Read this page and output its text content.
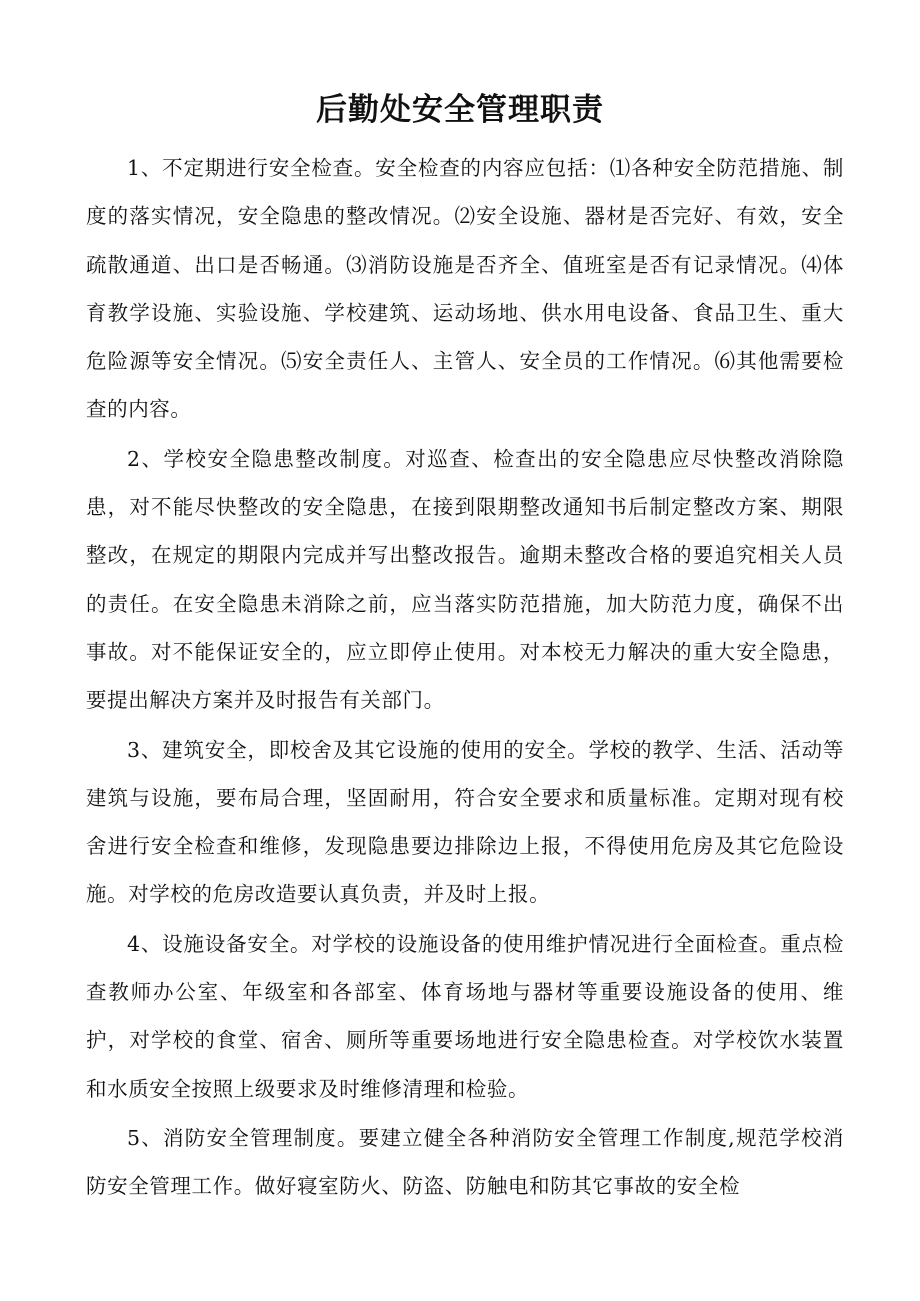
后勤处安全管理职责

1、不定期进行安全检查。安全检查的内容应包括：⑴各种安全防范措施、制度的落实情况，安全隐患的整改情况。⑵安全设施、器材是否完好、有效，安全疏散通道、出口是否畅通。⑶消防设施是否齐全、值班室是否有记录情况。⑷体育教学设施、实验设施、学校建筑、运动场地、供水用电设备、食品卫生、重大危险源等安全情况。⑸安全责任人、主管人、安全员的工作情况。⑹其他需要检查的内容。

2、学校安全隐患整改制度。对巡查、检查出的安全隐患应尽快整改消除隐患，对不能尽快整改的安全隐患，在接到限期整改通知书后制定整改方案、期限整改，在规定的期限内完成并写出整改报告。逾期未整改合格的要追究相关人员的责任。在安全隐患未消除之前，应当落实防范措施，加大防范力度，确保不出事故。对不能保证安全的，应立即停止使用。对本校无力解决的重大安全隐患，要提出解决方案并及时报告有关部门。

3、建筑安全，即校舍及其它设施的使用的安全。学校的教学、生活、活动等建筑与设施，要布局合理，坚固耐用，符合安全要求和质量标准。定期对现有校舍进行安全检查和维修，发现隐患要边排除边上报，不得使用危房及其它危险设施。对学校的危房改造要认真负责，并及时上报。

4、设施设备安全。对学校的设施设备的使用维护情况进行全面检查。重点检查教师办公室、年级室和各部室、体育场地与器材等重要设施设备的使用、维护，对学校的食堂、宿舍、厕所等重要场地进行安全隐患检查。对学校饮水装置和水质安全按照上级要求及时维修清理和检验。

5、消防安全管理制度。要建立健全各种消防安全管理工作制度,规范学校消防安全管理工作。做好寝室防火、防盗、防触电和防其它事故的安全检
